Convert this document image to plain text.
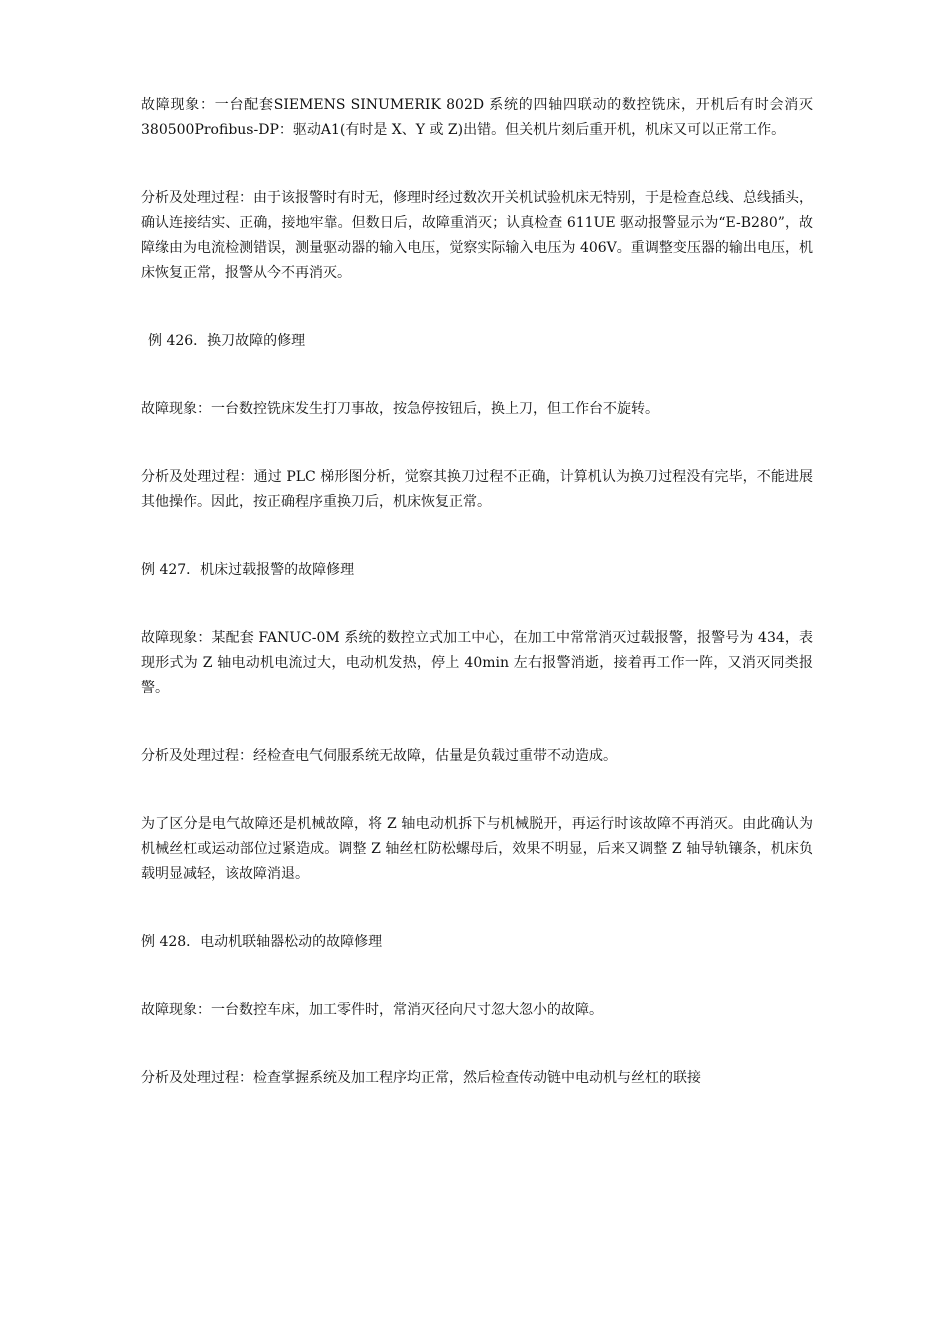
故障现象：一台配套SIEMENS SINUMERIK 802D 系统的四轴四联动的数控铣床，开机后有时会消灭 380500Profibus-DP：驱动A1(有时是 X、Y 或 Z)出错。但关机片刻后重开机，机床又可以正常工作。

分析及处理过程：由于该报警时有时无，修理时经过数次开关机试验机床无特别，于是检查总线、总线插头，确认连接结实、正确，接地牢靠。但数日后，故障重消灭；认真检查 611UE 驱动报警显示为“E-B280”，故障缘由为电流检测错误，测量驱动器的输入电压，觉察实际输入电压为 406V。重调整变压器的输出电压，机床恢复正常，报警从今不再消灭。

例 426．换刀故障的修理

故障现象：一台数控铣床发生打刀事故，按急停按钮后，换上刀，但工作台不旋转。

分析及处理过程：通过 PLC 梯形图分析，觉察其换刀过程不正确，计算机认为换刀过程没有完毕，不能进展其他操作。因此，按正确程序重换刀后，机床恢复正常。

例 427．机床过载报警的故障修理

故障现象：某配套 FANUC-0M 系统的数控立式加工中心，在加工中常常消灭过载报警，报警号为 434，表现形式为 Z 轴电动机电流过大，电动机发热，停上 40min 左右报警消逝，接着再工作一阵，又消灭同类报警。

分析及处理过程：经检查电气伺服系统无故障，估量是负载过重带不动造成。

为了区分是电气故障还是机械故障，将 Z 轴电动机拆下与机械脱开，再运行时该故障不再消灭。由此确认为机械丝杠或运动部位过紧造成。调整 Z 轴丝杠防松螺母后，效果不明显，后来又调整 Z 轴导轨镶条，机床负载明显减轻，该故障消退。

例 428．电动机联轴器松动的故障修理

故障现象：一台数控车床，加工零件时，常消灭径向尺寸忽大忽小的故障。

分析及处理过程：检查掌握系统及加工程序均正常，然后检查传动链中电动机与丝杠的联接
